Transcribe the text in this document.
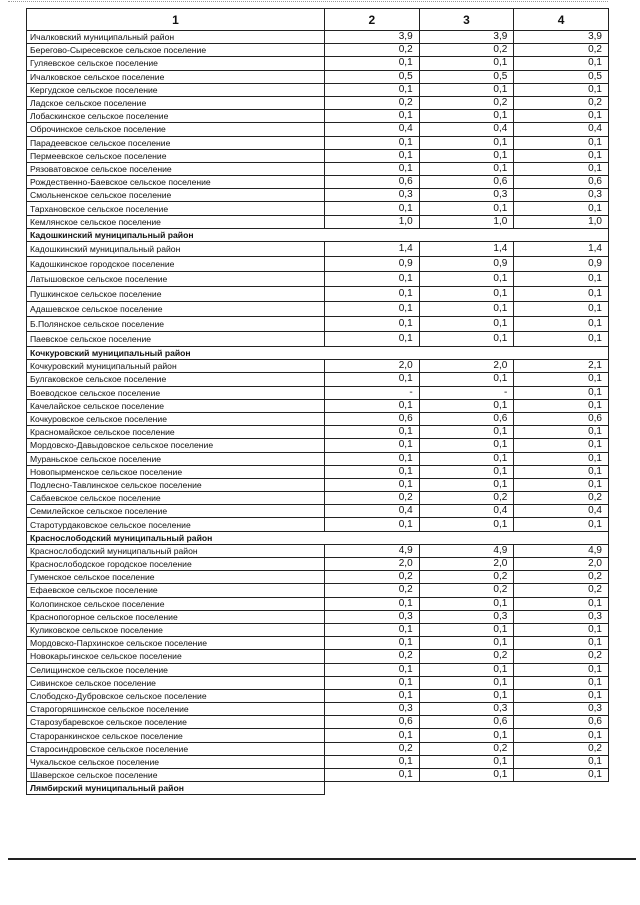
1	2	3	4
Ичалковский муниципальный район	3,9	3,9	3,9
Берегово-Сыресевское сельское поселение	0,2	0,2	0,2
Гуляевское сельское поселение	0,1	0,1	0,1
Ичалковское сельское поселение	0,5	0,5	0,5
Кергудское сельское поселение	0,1	0,1	0,1
Ладское сельское поселение	0,2	0,2	0,2
Лобаскинское сельское поселение	0,1	0,1	0,1
Оброчинское сельское поселение	0,4	0,4	0,4
Парадеевское сельское поселение	0,1	0,1	0,1
Пермеевское сельское поселение	0,1	0,1	0,1
Рязоватовское сельское поселение	0,1	0,1	0,1
Рождественно-Баевское сельское поселение	0,6	0,6	0,6
Смольненское сельское поселение	0,3	0,3	0,3
Тархановское сельское поселение	0,1	0,1	0,1
Кемлянское сельское поселение	1,0	1,0	1,0
Кадошкинский муниципальный район			
Кадошкинский муниципальный район	1,4	1,4	1,4
Кадошкинское городское поселение	0,9	0,9	0,9
Латышовское сельское поселение	0,1	0,1	0,1
Пушкинское сельское поселение	0,1	0,1	0,1
Адашевское сельское поселение	0,1	0,1	0,1
Б.Полянское сельское поселение	0,1	0,1	0,1
Паевское сельское поселение	0,1	0,1	0,1
Кочкуровский муниципальный район			
Кочкуровский муниципальный район	2,0	2,0	2,1
Булгаковское сельское поселение	0,1	0,1	0,1
Воеводское сельское поселение	-	-	0,1
Качелайское сельское поселение	0,1	0,1	0,1
Кочкуровское сельское поселение	0,6	0,6	0,6
Красномайское сельское поселение	0,1	0,1	0,1
Мордовско-Давыдовское сельское поселение	0,1	0,1	0,1
Мураньское сельское поселение	0,1	0,1	0,1
Новопырменское сельское поселение	0,1	0,1	0,1
Подлесно-Тавлинское сельское поселение	0,1	0,1	0,1
Сабаевское сельское поселение	0,2	0,2	0,2
Семилейское сельское поселение	0,4	0,4	0,4
Старотурдаковское сельское поселение	0,1	0,1	0,1
Краснослободский муниципальный район			
Краснослободский муниципальный район	4,9	4,9	4,9
Краснослободское городское поселение	2,0	2,0	2,0
Гуменское сельское поселение	0,2	0,2	0,2
Ефаевское сельское поселение	0,2	0,2	0,2
Колопинское сельское поселение	0,1	0,1	0,1
Краснопогорное сельское поселение	0,3	0,3	0,3
Куликовское сельское поселение	0,1	0,1	0,1
Мордовско-Пархинское сельское поселение	0,1	0,1	0,1
Новокарьгинское сельское поселение	0,2	0,2	0,2
Селищинское сельское поселение	0,1	0,1	0,1
Сивинское сельское поселение	0,1	0,1	0,1
Слободско-Дубровское сельское поселение	0,1	0,1	0,1
Старогоряшинское сельское поселение	0,3	0,3	0,3
Старозубаревское сельское поселение	0,6	0,6	0,6
Староранкинское сельское поселение	0,1	0,1	0,1
Старосиндровское сельское поселение	0,2	0,2	0,2
Чукальское сельское поселение	0,1	0,1	0,1
Шаверское сельское поселение	0,1	0,1	0,1
Лямбирский муниципальный район			
